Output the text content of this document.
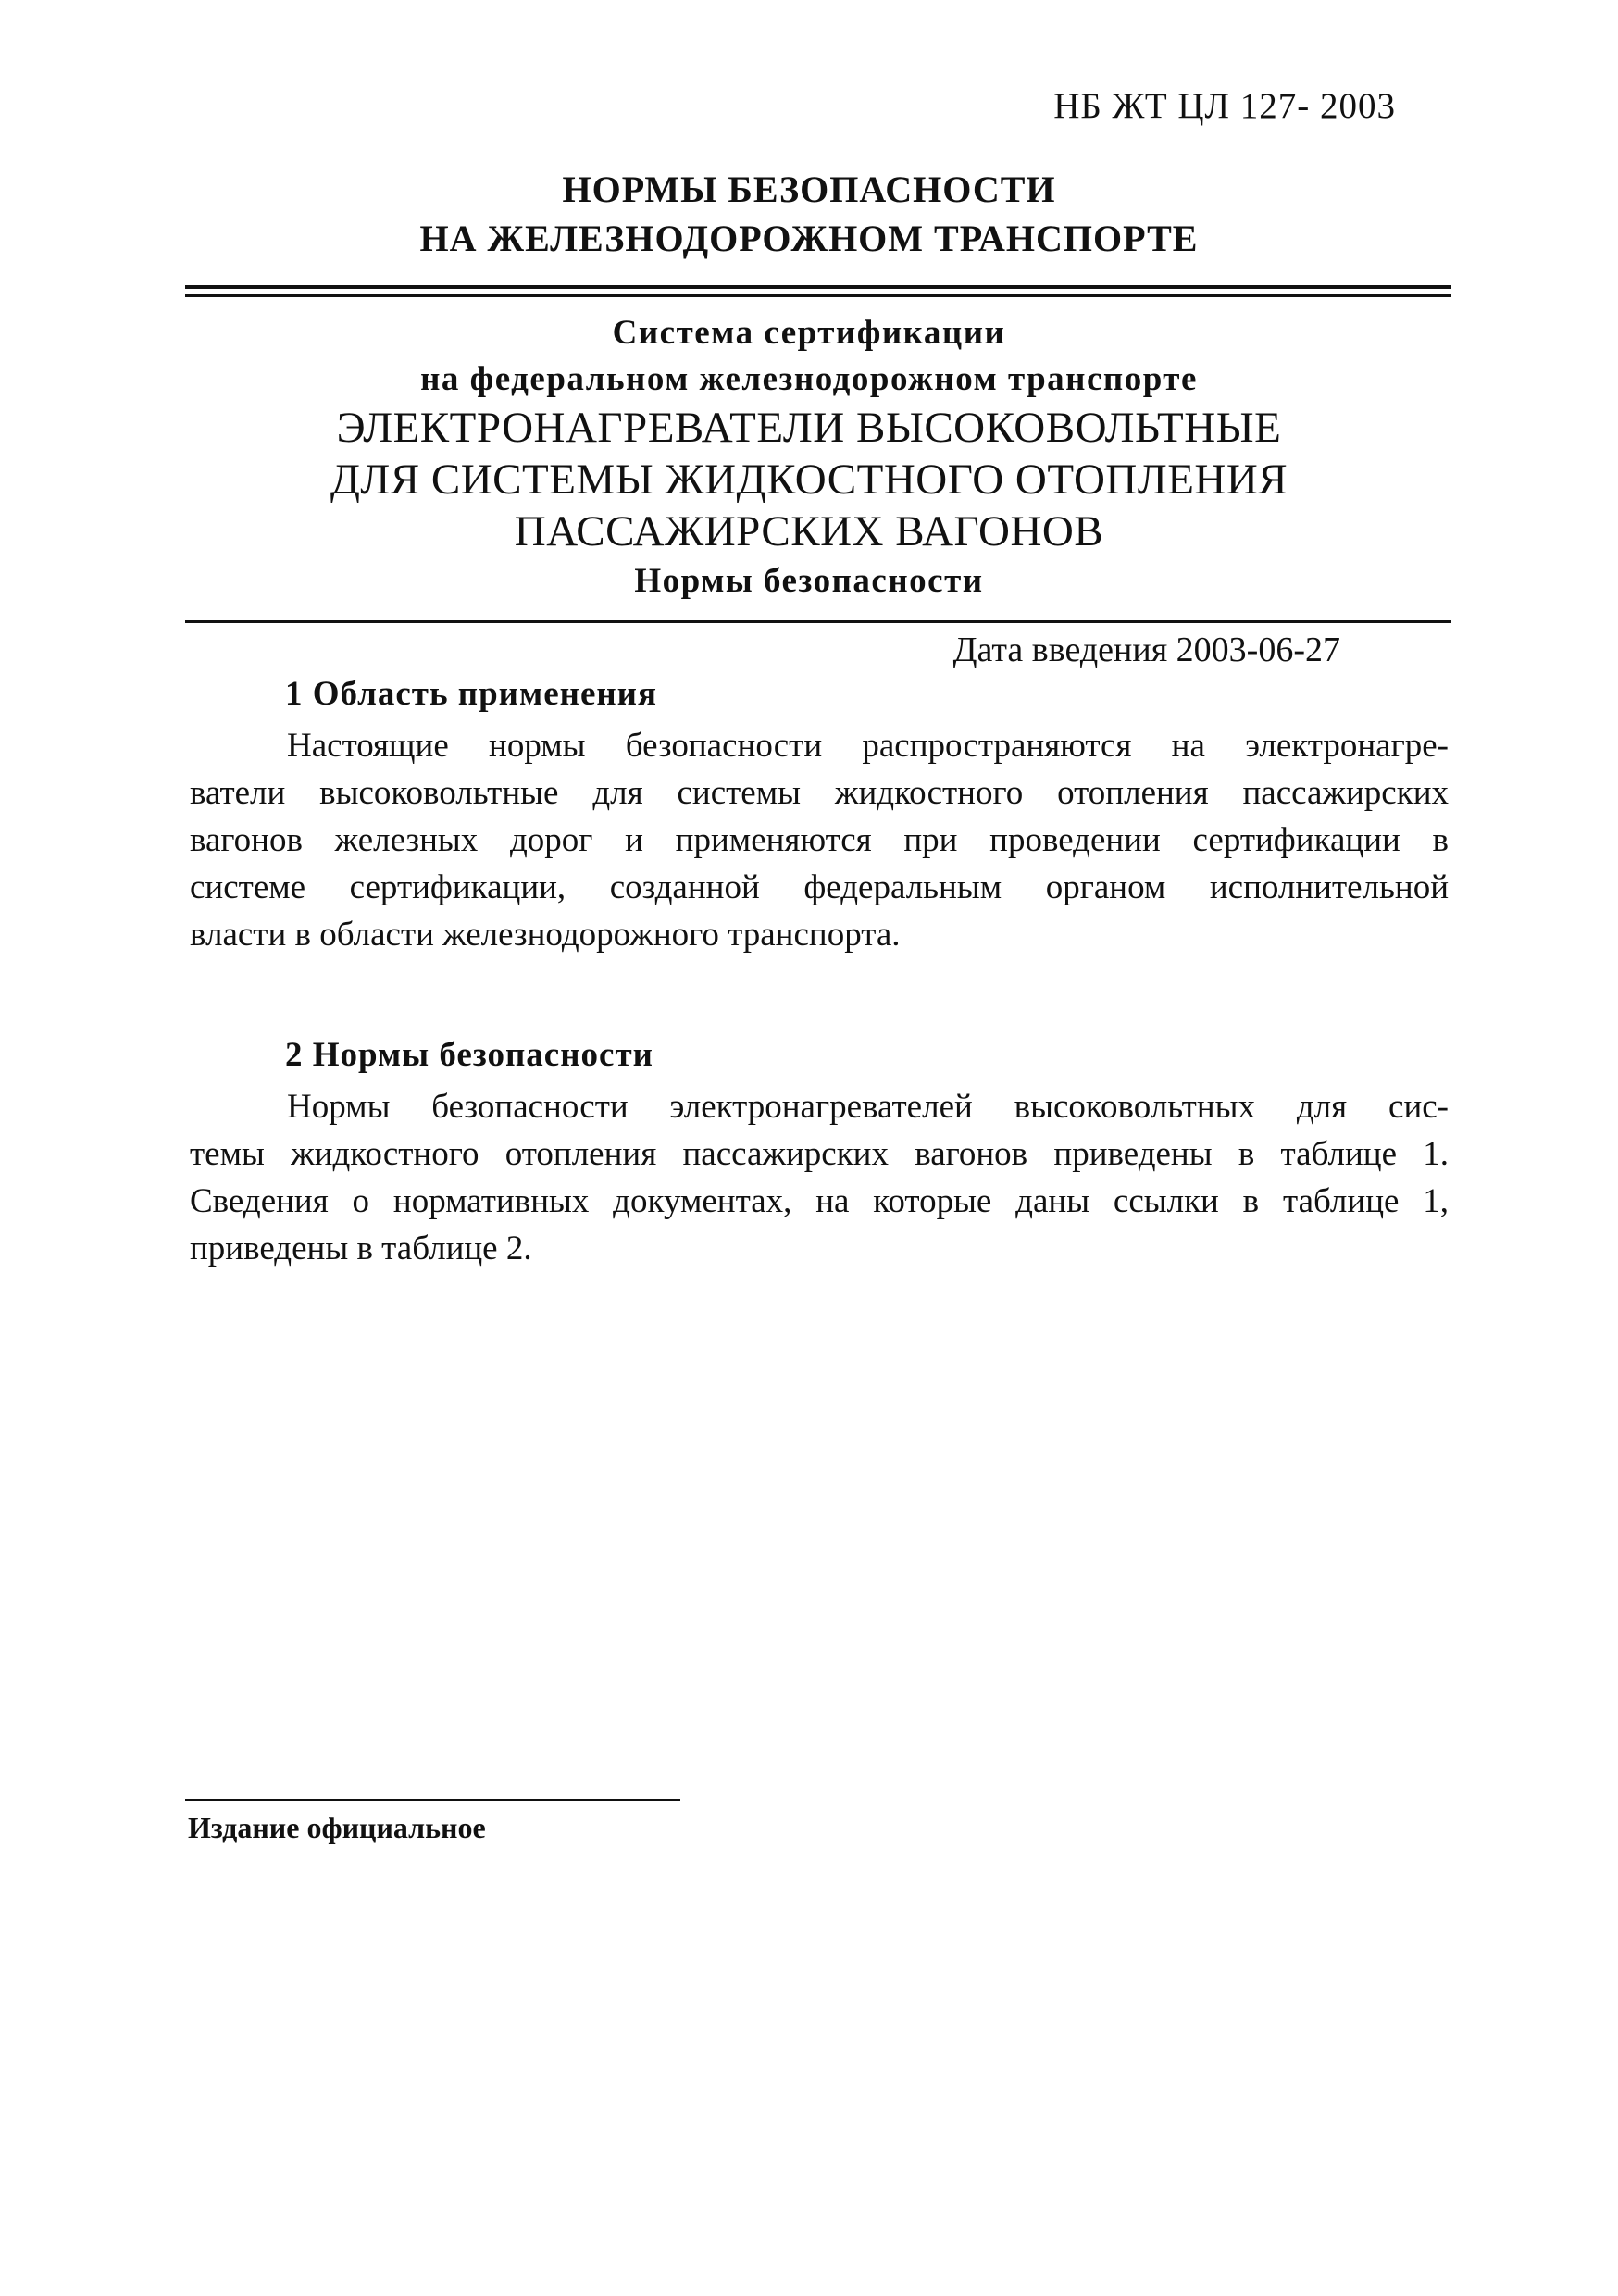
НБ ЖТ ЦЛ 127- 2003
НОРМЫ БЕЗОПАСНОСТИ
НА ЖЕЛЕЗНОДОРОЖНОМ ТРАНСПОРТЕ
Система сертификации
на федеральном железнодорожном транспорте
ЭЛЕКТРОНАГРЕВАТЕЛИ ВЫСОКОВОЛЬТНЫЕ
ДЛЯ СИСТЕМЫ ЖИДКОСТНОГО ОТОПЛЕНИЯ
ПАССАЖИРСКИХ ВАГОНОВ
Нормы безопасности
Дата введения 2003-06-27
1 Область применения
Настоящие нормы безопасности распространяются на электронагре-
ватели высоковольтные для системы жидкостного отопления пассажирских
вагонов железных дорог и применяются при проведении сертификации в
системе сертификации, созданной федеральным органом исполнительной
власти в области железнодорожного транспорта.
2 Нормы безопасности
Нормы безопасности электронагревателей высоковольтных для сис-
темы жидкостного отопления пассажирских вагонов приведены в таблице 1.
Сведения о нормативных документах, на которые даны ссылки в таблице 1,
приведены в таблице 2.
Издание официальное
